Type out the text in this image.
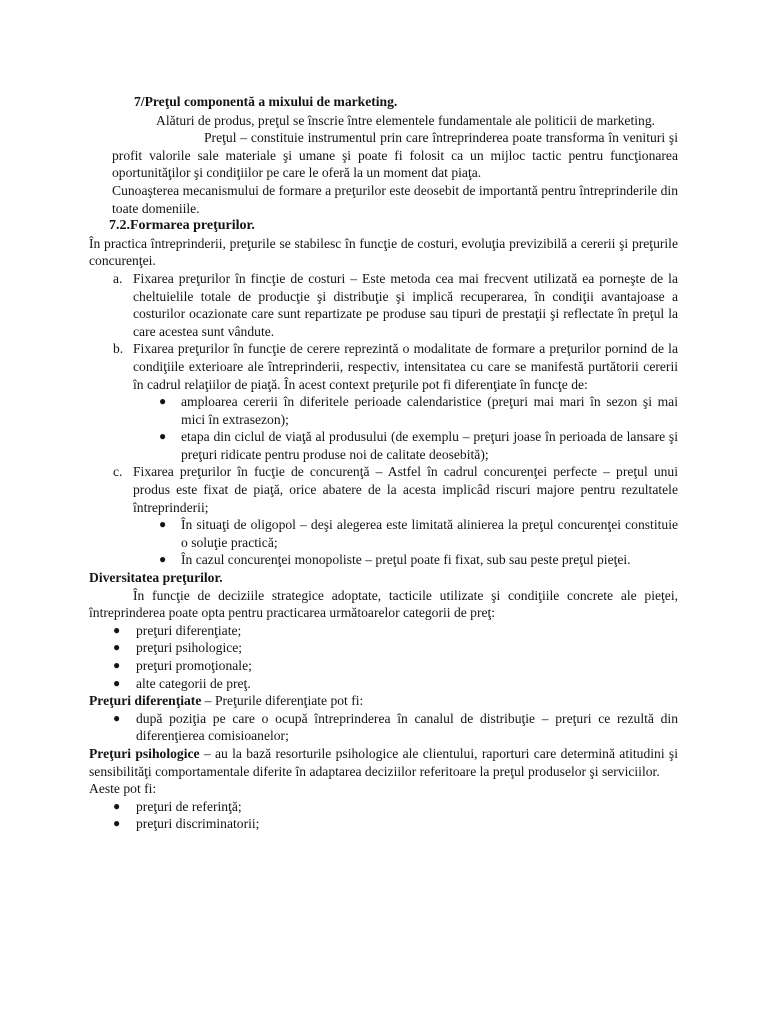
7/Preţul componentă a mixului de marketing.

Alături de produs, preţul se înscrie între elementele fundamentale ale politicii de marketing.

Preţul – constituie instrumentul prin care întreprinderea poate transforma în venituri şi profit valorile sale materiale şi umane şi poate fi folosit ca un mijloc tactic pentru funcţionarea oportunităţilor şi condiţiilor pe care le oferă la un moment dat piaţa.

Cunoaşterea mecanismului de formare a preţurilor este deosebit de importantă pentru întreprinderile din toate domeniile.

7.2.Formarea preţurilor.

În practica întreprinderii, preţurile se stabilesc în funcţie de costuri, evoluţia previzibilă a cererii şi preţurile concurenţei.

a. Fixarea preţurilor în fincţie de costuri – Este metoda cea mai frecvent utilizată ea porneşte de la cheltuielile totale de producţie şi distribuţie şi implică recuperarea, în condiţii avantajoase a costurilor ocazionate care sunt repartizate pe produse sau tipuri de prestaţii şi reflectate în preţul la care acestea sunt vândute.

b. Fixarea preţurilor în funcţie de cerere reprezintă o modalitate de formare a preţurilor pornind de la condiţiile exterioare ale întreprinderii, respectiv, intensitatea cu care se manifestă purtătorii cererii în cadrul relaţiilor de piaţă. În acest context preţurile pot fi diferenţiate în funcţe de:

● amploarea cererii în diferitele perioade calendaristice (preţuri mai mari în sezon şi mai mici în extrasezon);
● etapa din ciclul de viaţă al produsului (de exemplu – preţuri joase în perioada de lansare şi preţuri ridicate pentru produse noi de calitate deosebită);
c. Fixarea preţurilor în fucţie de concurenţă – Astfel în cadrul concurenţei perfecte – preţul unui produs este fixat de piaţă, orice abatere de la acesta implicâd riscuri majore pentru rezultatele întreprinderii;

● În situaţi de oligopol – deşi alegerea este limitată alinierea la preţul concurenţei constituie o soluţie practică;
● În cazul concurenţei monopoliste – preţul poate fi fixat, sub sau peste preţul pieţei.

Diversitatea preţurilor.

În funcţie de deciziile strategice adoptate, tacticile utilizate şi condiţiile concrete ale pieţei, întreprinderea poate opta pentru practicarea următoarelor categorii de preţ:

● preţuri diferenţiate;
● preţuri psihologice;
● preţuri promoţionale;
● alte categorii de preţ.

Preţuri diferenţiate – Preţurile diferenţiate pot fi:

● după poziţia pe care o ocupă întreprinderea în canalul de distribuţie – preţuri ce rezultă din diferenţierea comisioanelor;

Preţuri psihologice – au la bază resorturile psihologice ale clientului, raporturi care determină atitudini şi sensibilităţi comportamentale diferite în adaptarea deciziilor referitoare la preţul produselor şi serviciilor.

Aeste pot fi:

● preţuri de referinţă;
● preţuri discriminatorii;
